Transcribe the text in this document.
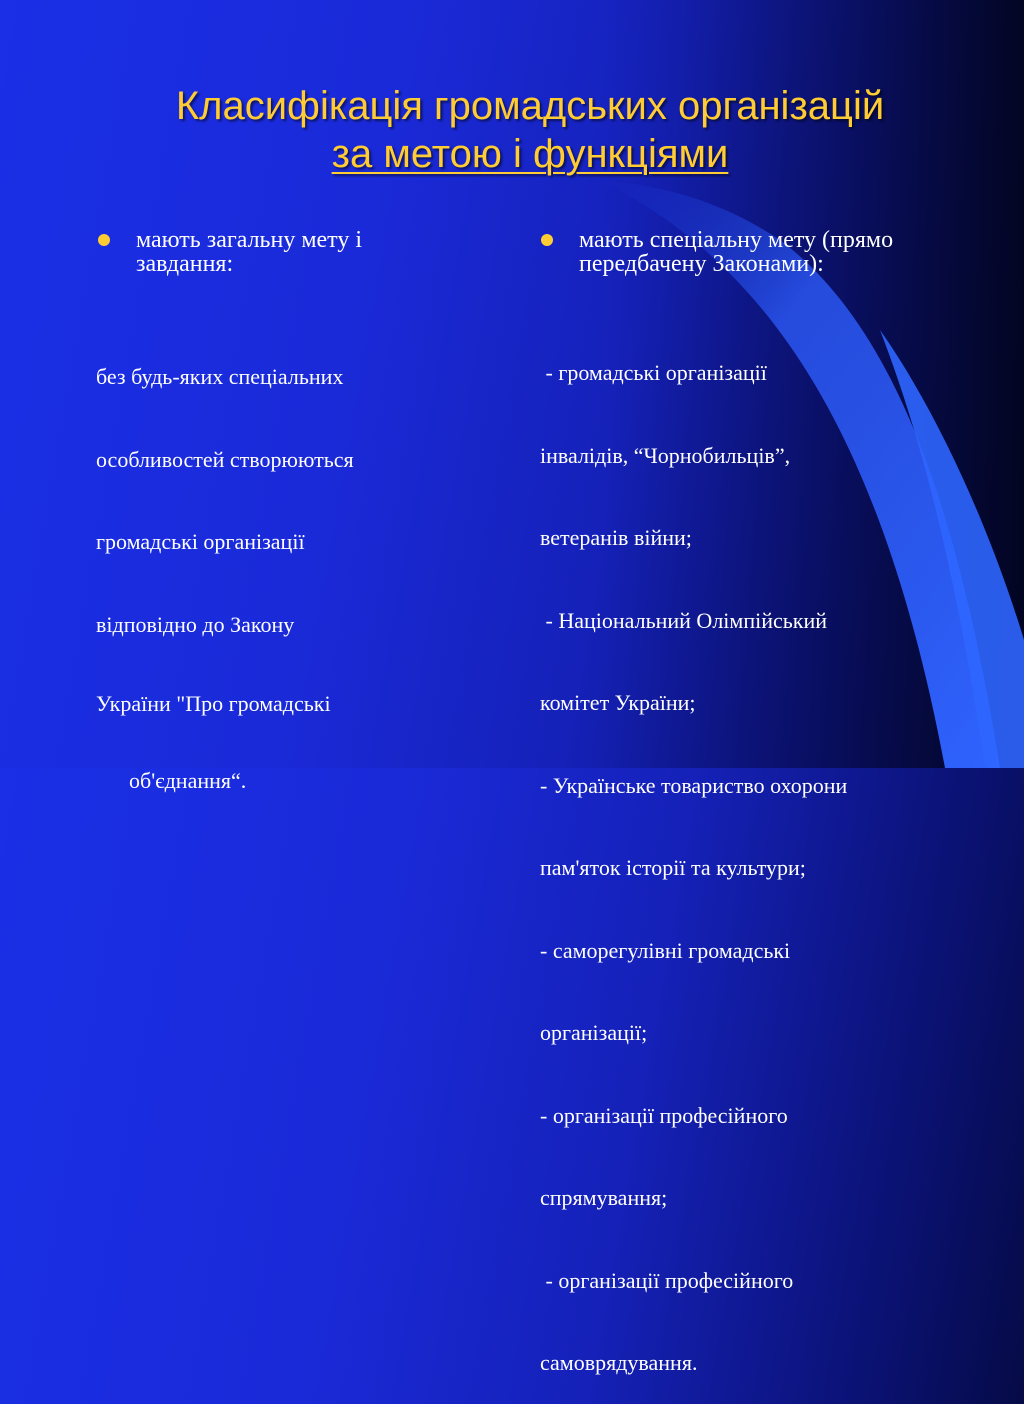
Класифікація громадських організацій
за метою і функціями
мають загальну мету і
завдання:

без будь-яких спеціальних

особливостей створюються

громадські організації

відповідно до Закону

України "Про громадські

об'єднання“.

мають спеціальну мету (прямо
передбачену Законами):

- громадські організації

інвалідів, “Чорнобильців”,

ветеранів війни;

- Національний Олімпійський

комітет України;

- Українське товариство охорони

пам'яток історії та культури;

- саморегулівні громадські

організації;

- організації професійного

спрямування;

- організації професійного

самоврядування.
